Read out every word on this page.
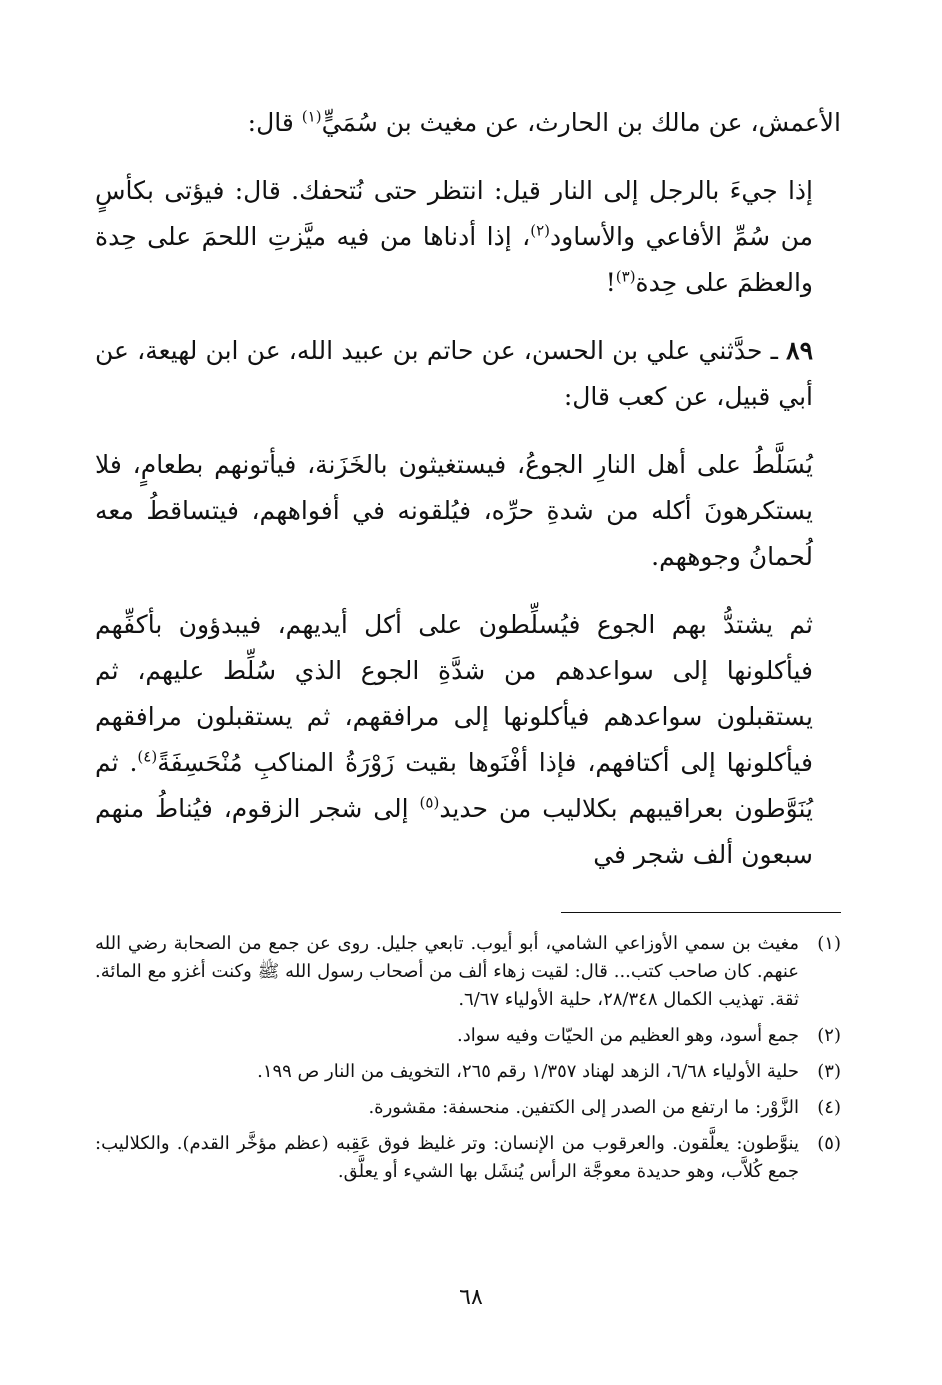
الأعمش، عن مالك بن الحارث، عن مغيث بن سُمَيٍّ$^{(١)}$ قال:

إذا جيءَ بالرجل إلى النار قيل: انتظر حتى نُتحفك. قال: فيؤتى بكأسٍ من سُمِّ الأفاعي والأساود$^{(٢)}$، إذا أدناها من فيه ميَّزتِ اللحمَ على حِدة والعظمَ على حِدة$^{(٣)}$!

٨٩ ـ حدَّثني علي بن الحسن، عن حاتم بن عبيد الله، عن ابن لهيعة، عن أبي قبيل، عن كعب قال:

يُسَلَّطُ على أهل النارِ الجوعُ، فيستغيثون بالخَزَنة، فيأتونهم بطعامٍ، فلا يستكرهونَ أكله من شدةِ حرِّه، فيُلقونه في أفواههم، فيتساقطُ معه لُحمانُ وجوههم.

ثم يشتدُّ بهم الجوع فيُسلِّطون على أكل أيديهم، فيبدؤون بأكفِّهم فيأكلونها إلى سواعدهم من شدَّةِ الجوع الذي سُلِّط عليهم، ثم يستقبلون سواعدهم فيأكلونها إلى مرافقهم، ثم يستقبلون مرافقهم فيأكلونها إلى أكتافهم، فإذا أفْنَوها بقيت زَوْرَةُ المناكبِ مُنْحَسِفَةً$^{(٤)}$. ثم يُنَوَّطون بعراقيبهم بكلاليب من حديد$^{(٥)}$ إلى شجر الزقوم، فيُناطُ منهم سبعون ألف شجر في

(١)
مغيث بن سمي الأوزاعي الشامي، أبو أيوب. تابعي جليل. روى عن جمع من الصحابة رضي الله عنهم. كان صاحب كتب... قال: لقيت زهاء ألف من أصحاب رسول الله ﷺ وكنت أغزو مع المائة. ثقة. تهذيب الكمال ٢٨/٣٤٨، حلية الأولياء ٦/٦٧.
(٢)
جمع أسود، وهو العظيم من الحيّات وفيه سواد.
(٣)
حلية الأولياء ٦/٦٨، الزهد لهناد ١/٣٥٧ رقم ٢٦٥، التخويف من النار ص ١٩٩.
(٤)
الزَّوْر: ما ارتفع من الصدر إلى الكتفين. منحسفة: مقشورة.
(٥)
ينوَّطون: يعلَّقون. والعرقوب من الإنسان: وتر غليظ فوق عَقِبه (عظم مؤخَّر القدم). والكلاليب: جمع كُلاَّب، وهو حديدة معوجَّة الرأس يُنشَل بها الشيء أو يعلَّق.
٦٨
